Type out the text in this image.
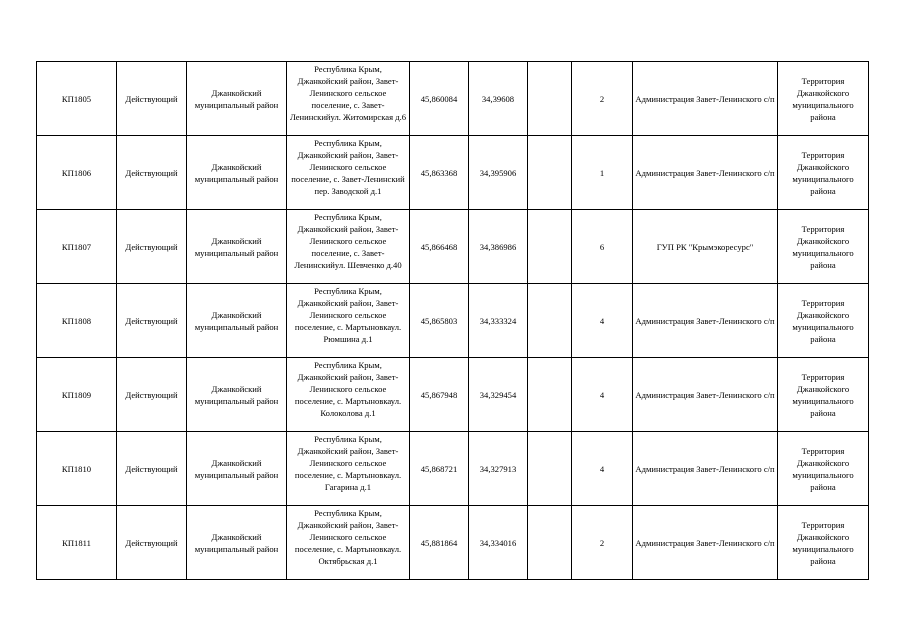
КП1805	Действующий	Джанкойский муниципальный район	Республика Крым, Джанкойский район, Завет-Ленинского сельское поселение, с. Завет-Ленинскийул. Житомирская д.6	45,860084	34,39608		2	Администрация Завет-Ленинского с/п	Территория Джанкойского муниципального района
КП1806	Действующий	Джанкойский муниципальный район	Республика Крым, Джанкойский район, Завет-Ленинского сельское поселение, с. Завет-Ленинский пер. Заводской д.1	45,863368	34,395906		1	Администрация Завет-Ленинского с/п	Территория Джанкойского муниципального района
КП1807	Действующий	Джанкойский муниципальный район	Республика Крым, Джанкойский район, Завет-Ленинского сельское поселение, с. Завет-Ленинскийул. Шевченко д.40	45,866468	34,386986		6	ГУП РК "Крымэкоресурс"	Территория Джанкойского муниципального района
КП1808	Действующий	Джанкойский муниципальный район	Республика Крым, Джанкойский район, Завет-Ленинского сельское поселение, с. Мартыновкаул. Рюмшина д.1	45,865803	34,333324		4	Администрация Завет-Ленинского с/п	Территория Джанкойского муниципального района
КП1809	Действующий	Джанкойский муниципальный район	Республика Крым, Джанкойский район, Завет-Ленинского сельское поселение, с. Мартыновкаул. Колоколова д.1	45,867948	34,329454		4	Администрация Завет-Ленинского с/п	Территория Джанкойского муниципального района
КП1810	Действующий	Джанкойский муниципальный район	Республика Крым, Джанкойский район, Завет-Ленинского сельское поселение, с. Мартыновкаул. Гагарина д.1	45,868721	34,327913		4	Администрация Завет-Ленинского с/п	Территория Джанкойского муниципального района
КП1811	Действующий	Джанкойский муниципальный район	Республика Крым, Джанкойский район, Завет-Ленинского сельское поселение, с. Мартыновкаул. Октябрьская д.1	45,881864	34,334016		2	Администрация Завет-Ленинского с/п	Территория Джанкойского муниципального района
